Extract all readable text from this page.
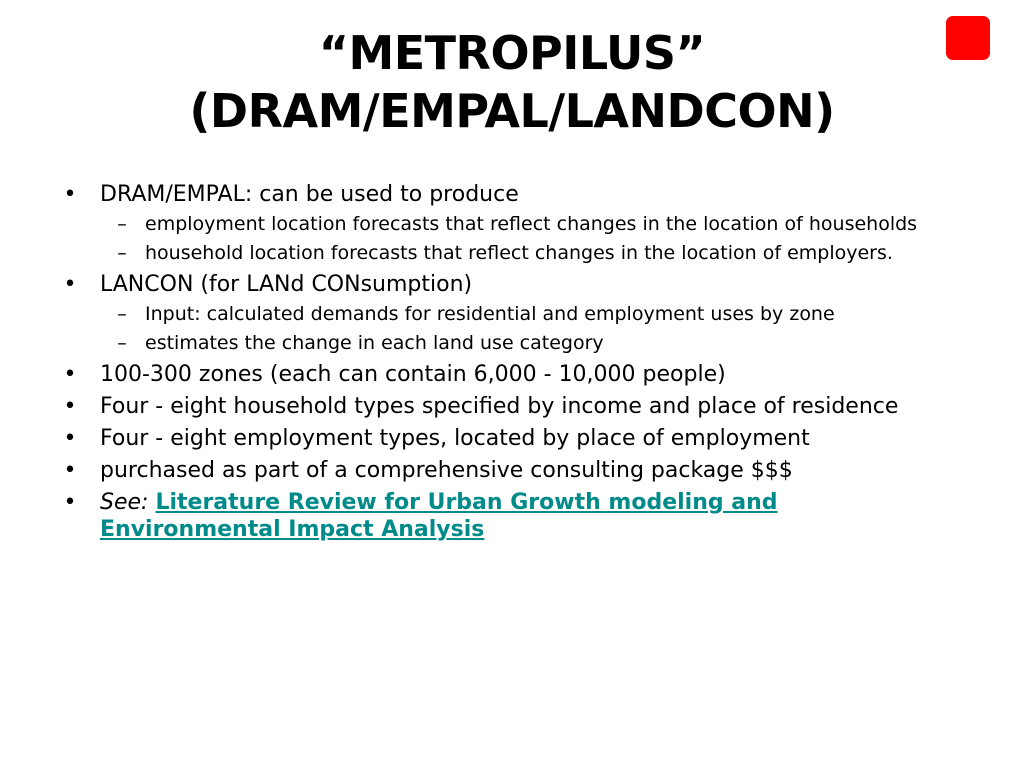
“METROPILUS”
(DRAM/EMPAL/LANDCON)
• DRAM/EMPAL: can be used to produce
– employment location forecasts that reflect changes in the location of households
– household location forecasts that reflect changes in the location of employers.
• LANCON (for LANd CONsumption)
– Input: calculated demands for residential and employment uses by zone
– estimates the change in each land use category
• 100-300 zones (each can contain 6,000 - 10,000 people)
• Four - eight household types specified by income and place of residence
• Four - eight employment types, located by place of employment
• purchased as part of a comprehensive consulting package $$$
• See: Literature Review for Urban Growth modeling and Environmental Impact Analysis
